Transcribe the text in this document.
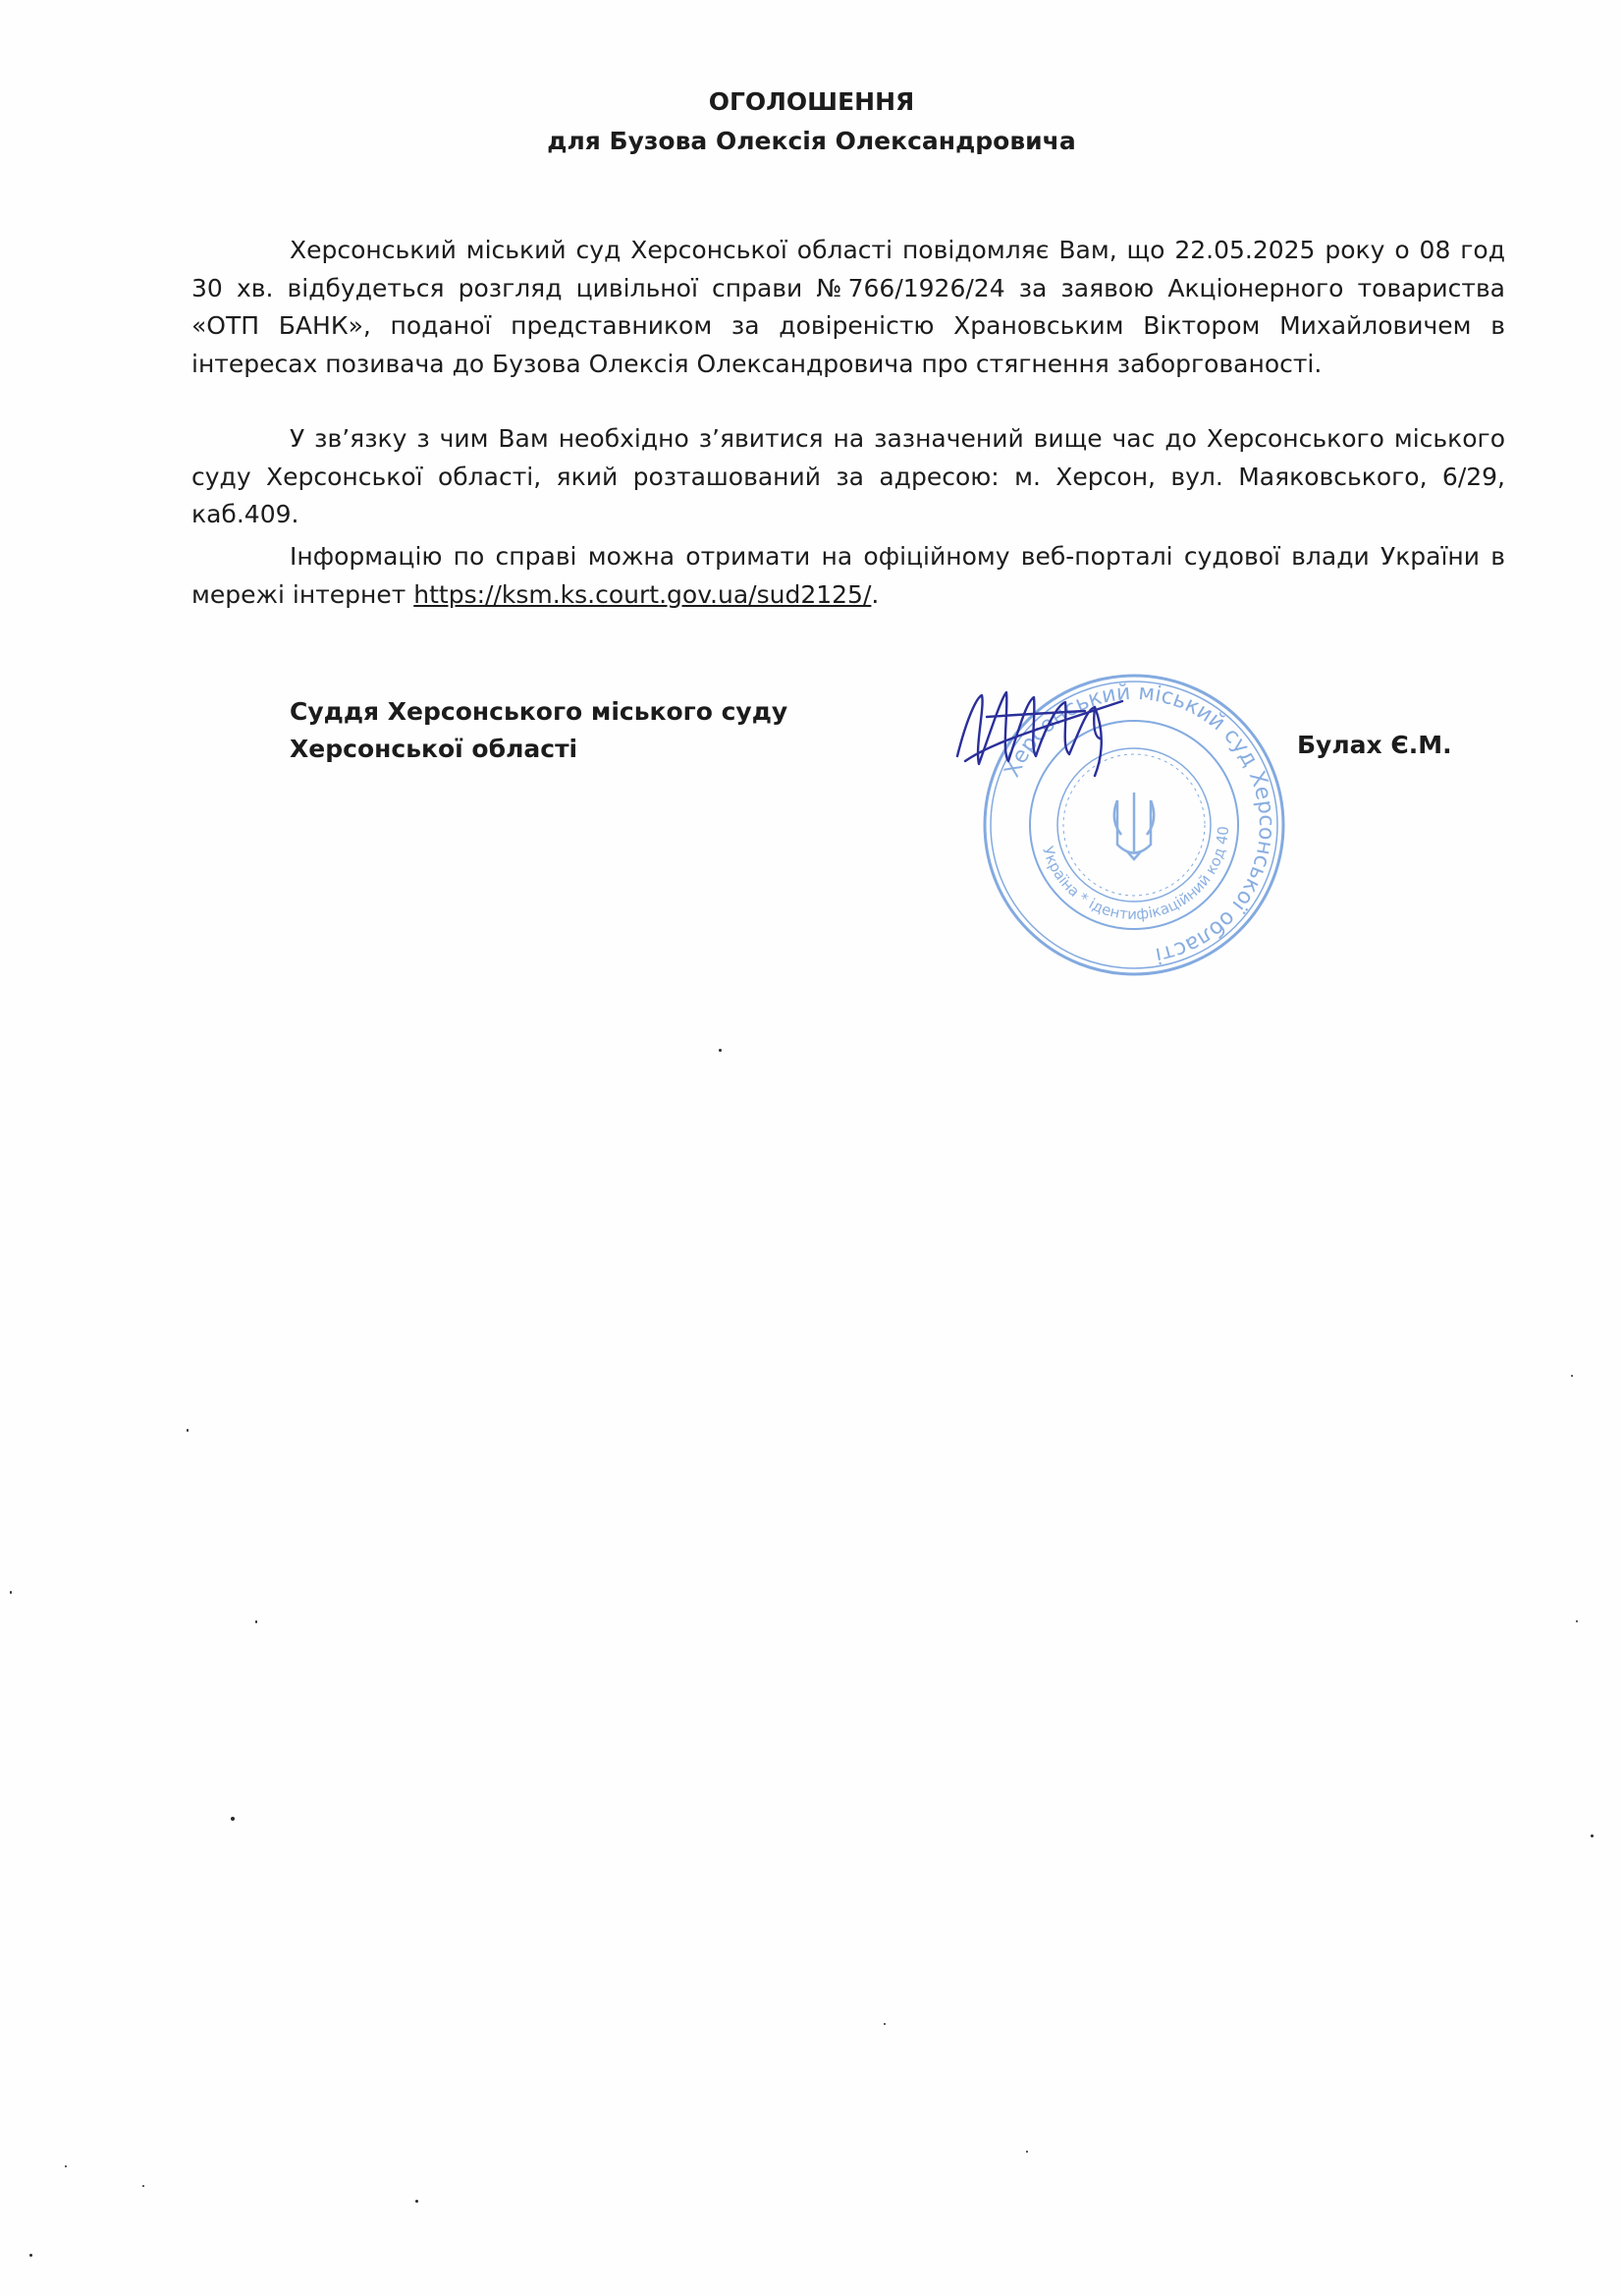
ОГОЛОШЕННЯ
для Бузова Олексія Олександровича

Херсонський міський суд Херсонської області повідомляє Вам, що 22.05.2025 року о 08 год 30 хв. відбудеться розгляд цивільної справи №766/1926/24 за заявою Акціонерного товариства «ОТП БАНК», поданої представником за довіреністю Храновським Віктором Михайловичем в інтересах позивача до Бузова Олексія Олександровича про стягнення заборгованості.

У зв’язку з чим Вам необхідно з’явитися на зазначений вище час до Херсонського міського суду Херсонської області, який розташований за адресою: м. Херсон, вул. Маяковського, 6/29, каб.409.

Інформацію по справі можна отримати на офіційному веб-порталі судової влади України в мережі інтернет https://ksm.ks.court.gov.ua/sud2125/.

Суддя Херсонського міського суду
Херсонської області
Херсонський міський суд Херсонської області
Україна * ідентифікаційний код 40
Булах Є.М.
